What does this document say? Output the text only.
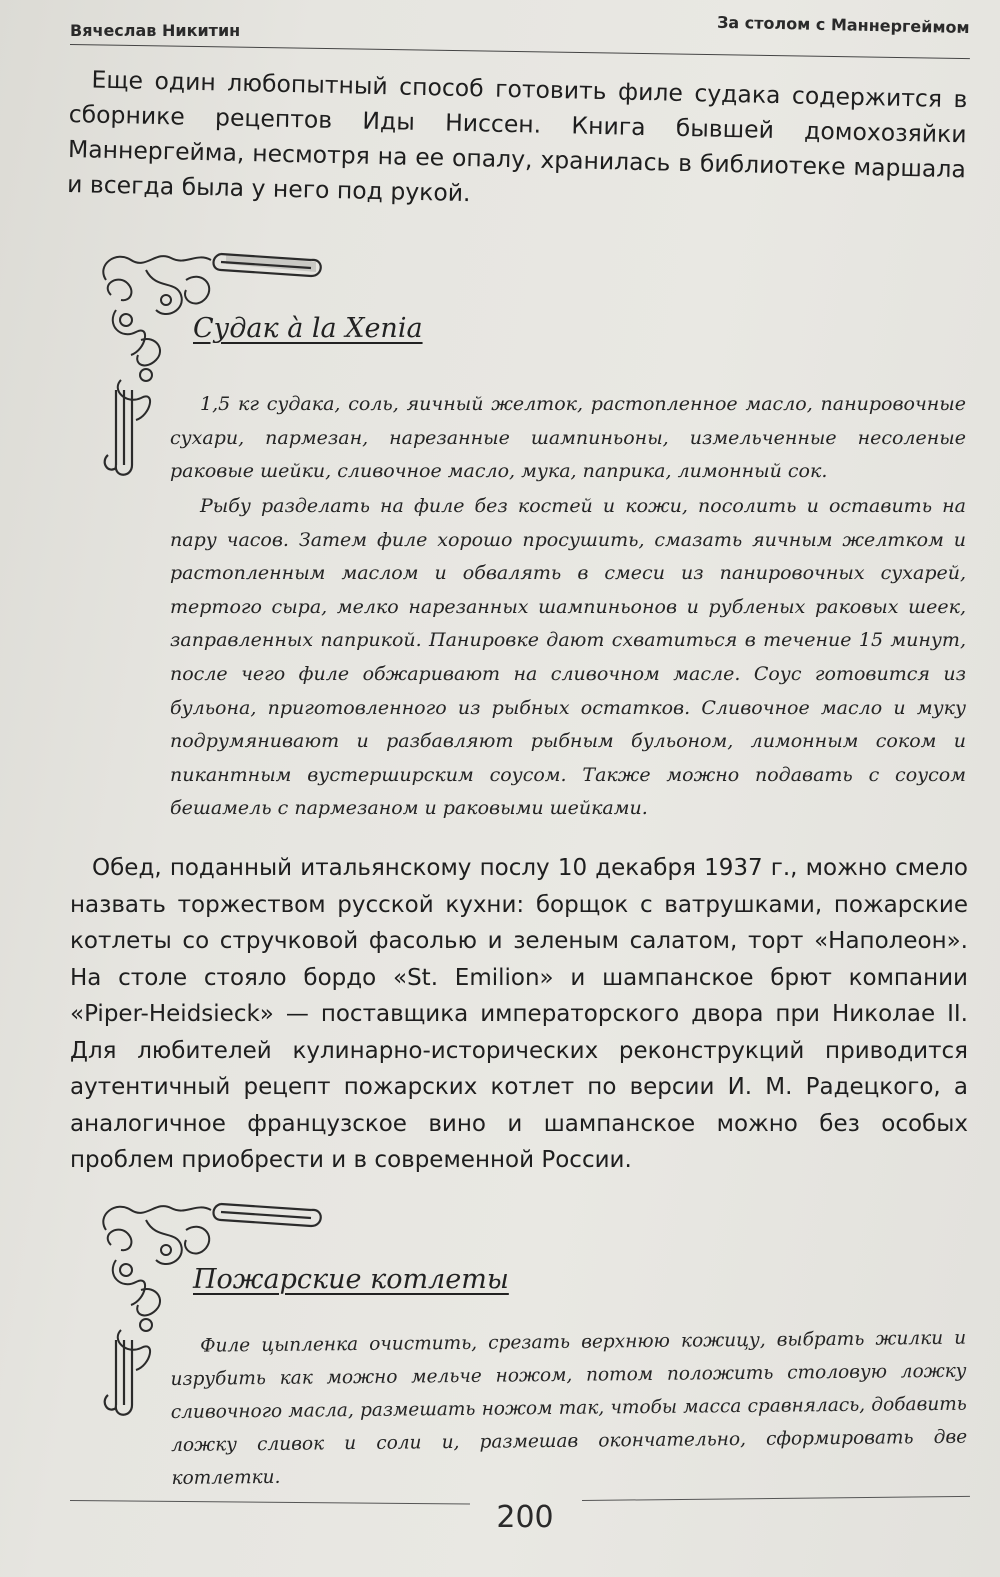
Вячеслав Никитин	За столом с Маннергеймом

Еще один любопытный способ готовить филе судака содержится в сборнике рецептов Иды Ниссен. Книга бывшей домохозяйки Маннергейма, несмотря на ее опалу, хранилась в библиотеке маршала и всегда была у него под рукой.

Судак à la Xenia

1,5 кг судака, соль, яичный желток, растопленное масло, панировочные сухари, пармезан, нарезанные шампиньоны, измельченные несоленые раковые шейки, сливочное масло, мука, паприка, лимонный сок.

Рыбу разделать на филе без костей и кожи, посолить и оставить на пару часов. Затем филе хорошо просушить, смазать яичным желтком и растопленным маслом и обвалять в смеси из панировочных сухарей, тертого сыра, мелко нарезанных шампиньонов и рубленых раковых шеек, заправленных паприкой. Панировке дают схватиться в течение 15 минут, после чего филе обжаривают на сливочном масле. Соус готовится из бульона, приготовленного из рыбных остатков. Сливочное масло и муку подрумянивают и разбавляют рыбным бульоном, лимонным соком и пикантным вустерширским соусом. Также можно подавать с соусом бешамель с пармезаном и раковыми шейками.

Обед, поданный итальянскому послу 10 декабря 1937 г., можно смело назвать торжеством русской кухни: борщок с ватрушками, пожарские котлеты со стручковой фасолью и зеленым салатом, торт «Наполеон». На столе стояло бордо «St. Emilion» и шампанское брют компании «Piper-Heidsieck» — поставщика императорского двора при Николае II. Для любителей кулинарно-исторических реконструкций приводится аутентичный рецепт пожарских котлет по версии И. М. Радецкого, а аналогичное французское вино и шампанское можно без особых проблем приобрести и в современной России.

Пожарские котлеты

Филе цыпленка очистить, срезать верхнюю кожицу, выбрать жилки и изрубить как можно мельче ножом, потом положить столовую ложку сливочного масла, размешать ножом так, чтобы масса сравнялась, добавить ложку сливок и соли и, размешав окончательно, сформировать две котлетки.

200
